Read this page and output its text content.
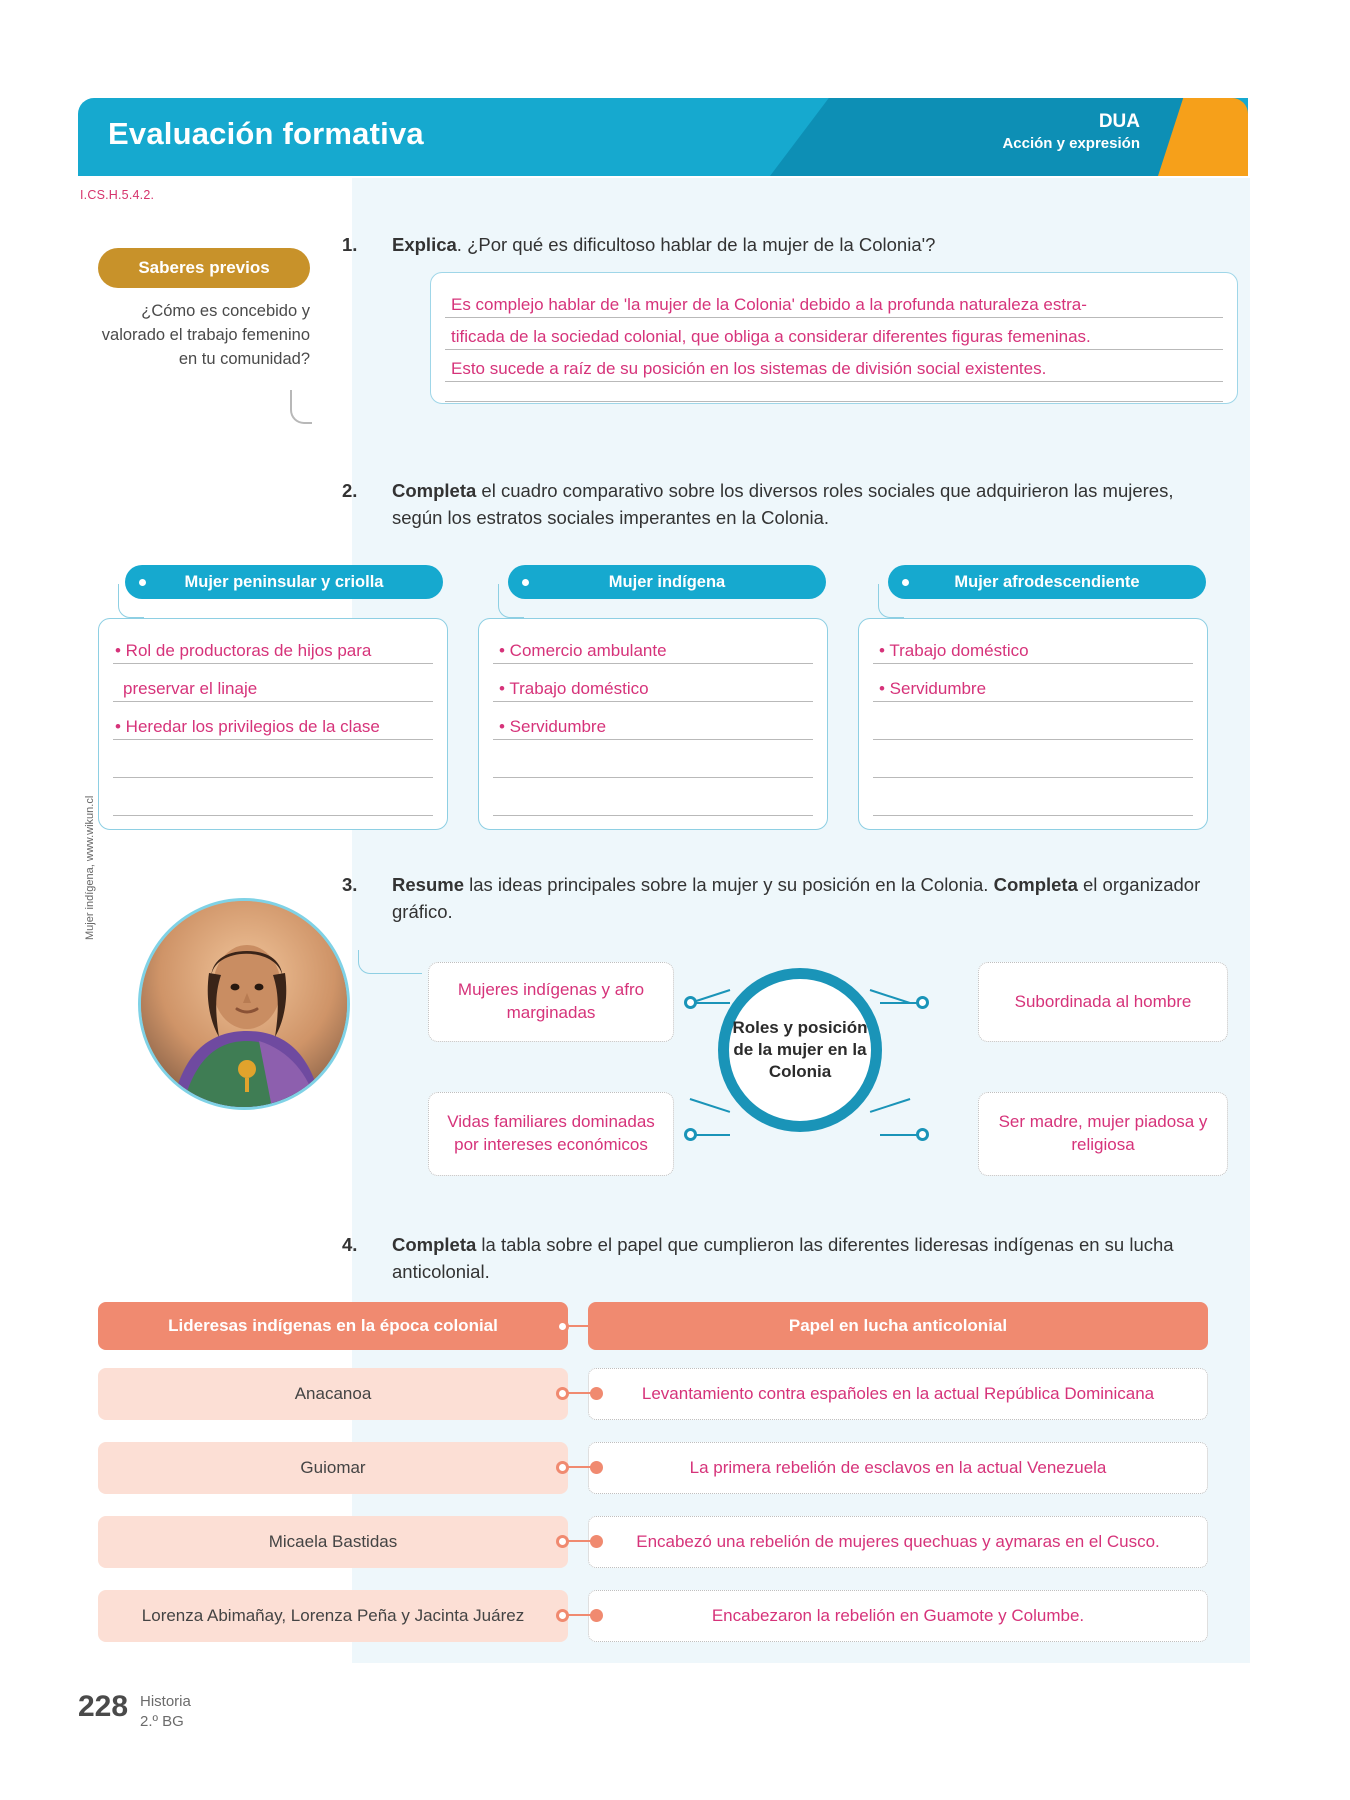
Evaluación formativa	DUA
Acción y expresión
I.CS.H.5.4.2.
Saberes previos
¿Cómo es concebido y valorado el trabajo femenino en tu comunidad?
1. Explica. ¿Por qué es dificultoso hablar de la mujer de la Colonia'?
Es complejo hablar de 'la mujer de la Colonia' debido a la profunda naturaleza estra-
tificada de la sociedad colonial, que obliga a considerar diferentes figuras femeninas.
Esto sucede a raíz de su posición en los sistemas de división social existentes.
2. Completa el cuadro comparativo sobre los diversos roles sociales que adquirieron las mujeres, según los estratos sociales imperantes en la Colonia.
Mujer peninsular y criolla	Mujer indígena	Mujer afrodescendiente
• Rol de productoras de hijos para
preservar el linaje
• Heredar los privilegios de la clase
• Comercio ambulante
• Trabajo doméstico
• Servidumbre
• Trabajo doméstico
• Servidumbre
3. Resume las ideas principales sobre la mujer y su posición en la Colonia. Completa el organizador gráfico.
Mujer indígena, www.wikun.cl
Roles y posición de la mujer en la Colonia
Mujeres indígenas y afro marginadas
Vidas familiares dominadas por intereses económicos
Subordinada al hombre
Ser madre, mujer piadosa y religiosa
4. Completa la tabla sobre el papel que cumplieron las diferentes lideresas indígenas en su lucha anticolonial.
Lideresas indígenas en la época colonial	Papel en lucha anticolonial
Anacanoa	Levantamiento contra españoles en la actual República Dominicana
Guiomar	La primera rebelión de esclavos en la actual Venezuela
Micaela Bastidas	Encabezó una rebelión de mujeres quechuas y aymaras en el Cusco.
Lorenza Abimañay, Lorenza Peña y Jacinta Juárez	Encabezaron la rebelión en Guamote y Columbe.
228 Historia
2.º BG
